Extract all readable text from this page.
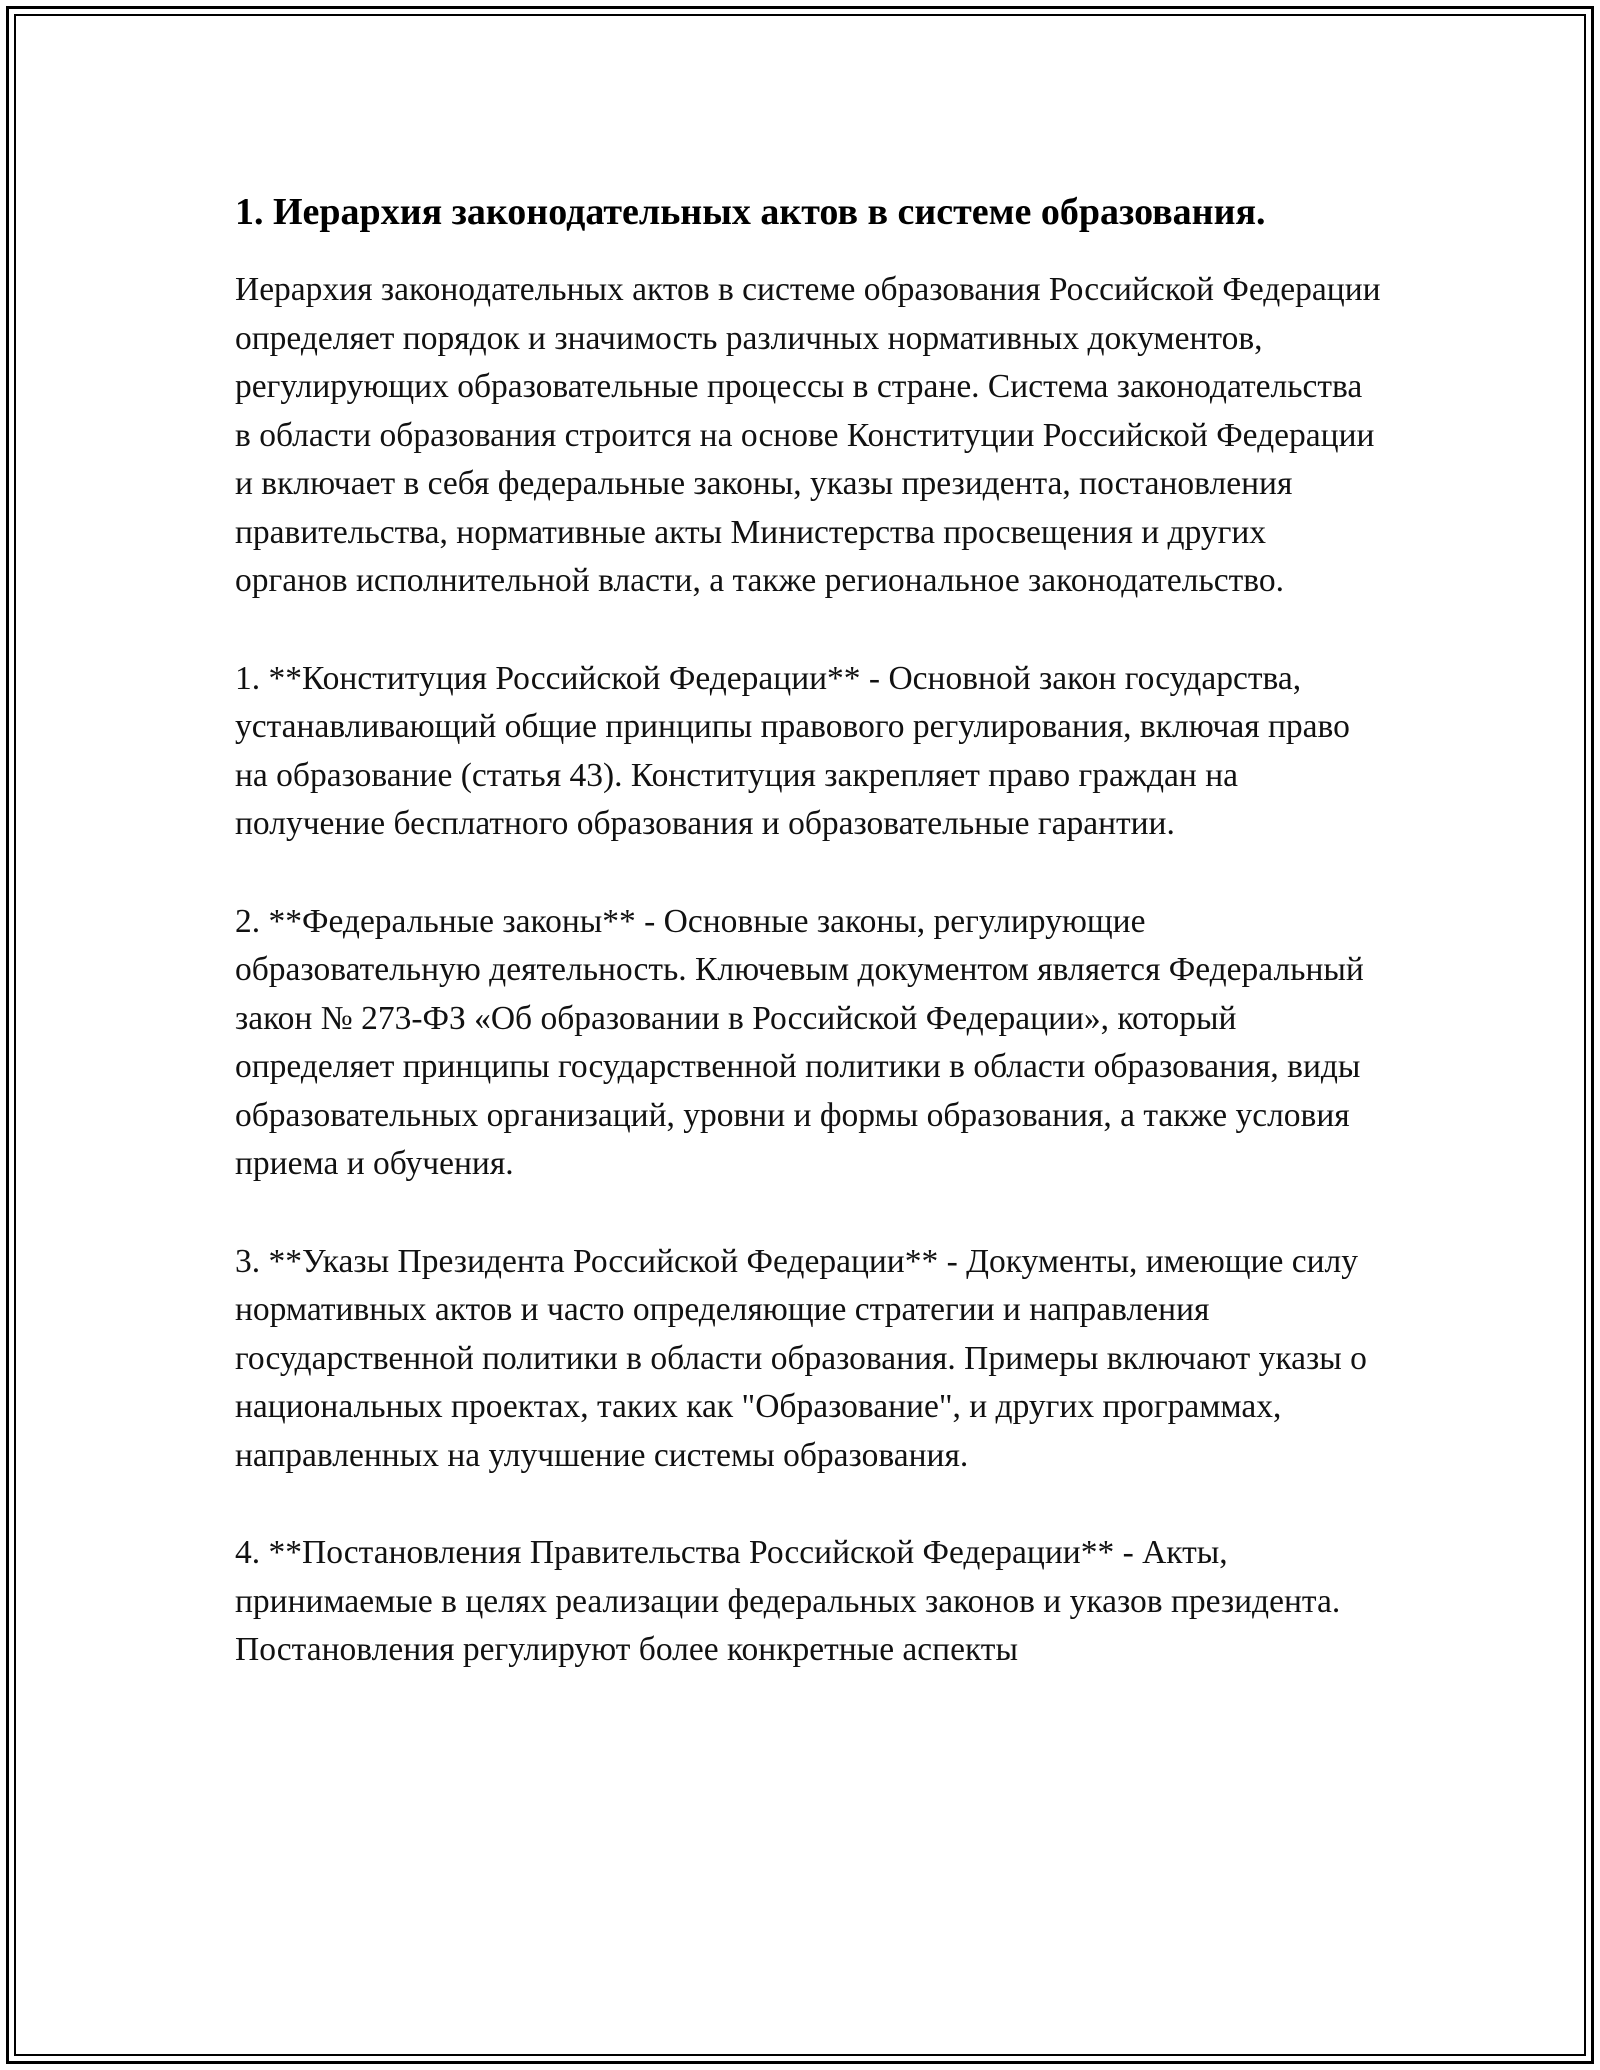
1. Иерархия законодательных актов в системе образования.

Иерархия законодательных актов в системе образования Российской Федерации определяет порядок и значимость различных нормативных документов, регулирующих образовательные процессы в стране. Система законодательства в области образования строится на основе Конституции Российской Федерации и включает в себя федеральные законы, указы президента, постановления правительства, нормативные акты Министерства просвещения и других органов исполнительной власти, а также региональное законодательство.

1. **Конституция Российской Федерации** - Основной закон государства, устанавливающий общие принципы правового регулирования, включая право на образование (статья 43). Конституция закрепляет право граждан на получение бесплатного образования и образовательные гарантии.

2. **Федеральные законы** - Основные законы, регулирующие образовательную деятельность. Ключевым документом является Федеральный закон № 273-ФЗ «Об образовании в Российской Федерации», который определяет принципы государственной политики в области образования, виды образовательных организаций, уровни и формы образования, а также условия приема и обучения.

3. **Указы Президента Российской Федерации** - Документы, имеющие силу нормативных актов и часто определяющие стратегии и направления государственной политики в области образования. Примеры включают указы о национальных проектах, таких как "Образование", и других программах, направленных на улучшение системы образования.

4. **Постановления Правительства Российской Федерации** - Акты, принимаемые в целях реализации федеральных законов и указов президента. Постановления регулируют более конкретные аспекты
